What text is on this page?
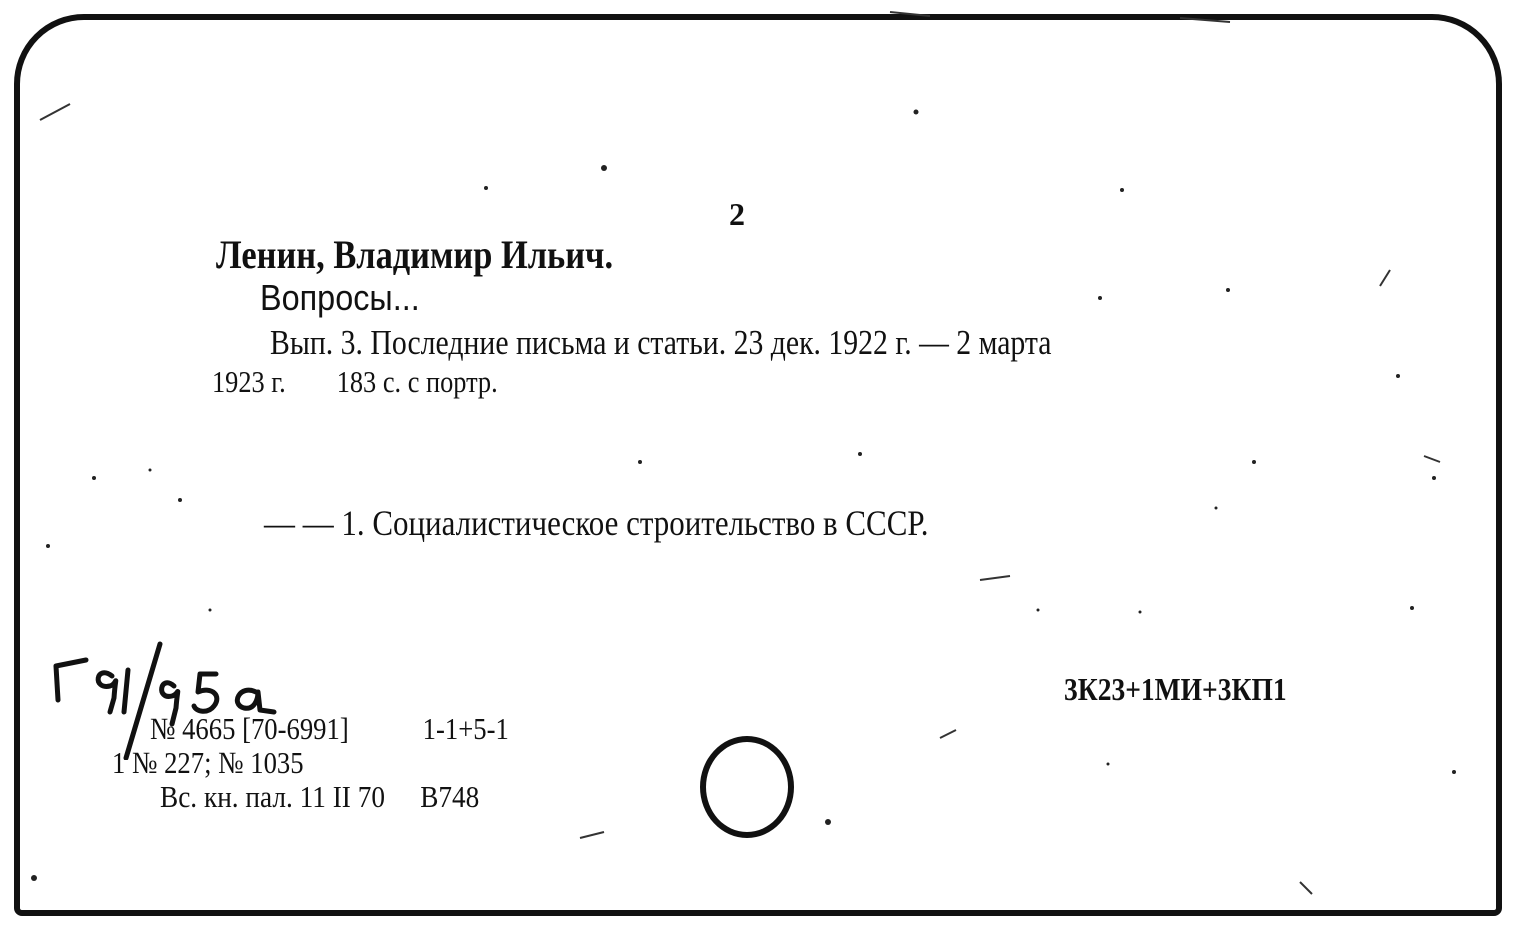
2
Ленин, Владимир Ильич.
Вопросы...
Вып. 3. Последние письма и статьи. 23 дек. 1922 г. — 2 марта
1923 г. 183 с. с портр.
— — 1. Социалистическое строительство в СССР.
3К23+1МИ+3КП1
№ 4665 [70-6991] 1-1+5-1
1 № 227; № 1035
Вс. кн. пал. 11 II 70 В748
